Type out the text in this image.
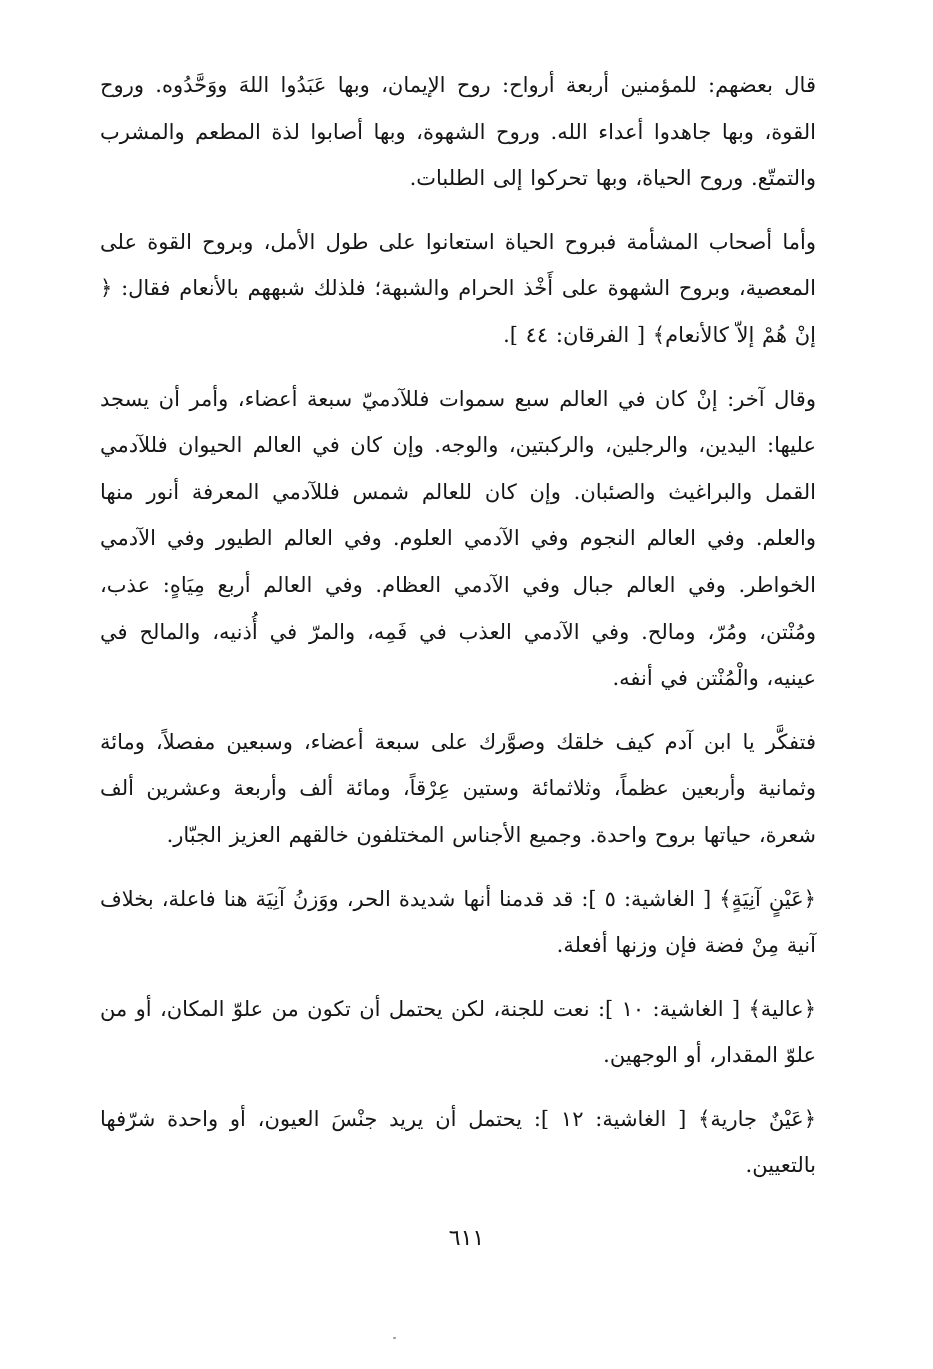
قال بعضهم: للمؤمنين أربعة أرواح: روح الإيمان، وبها عَبَدُوا اللهَ ووَحَّدُوه. وروح القوة، وبها جاهدوا أعداء الله. وروح الشهوة، وبها أصابوا لذة المطعم والمشرب والتمتّع. وروح الحياة، وبها تحركوا إلى الطلبات.

وأما أصحاب المشأمة فبروح الحياة استعانوا على طول الأمل، وبروح القوة على المعصية، وبروح الشهوة على أَخْذ الحرام والشبهة؛ فلذلك شبههم بالأنعام فقال: ﴿ إنْ هُمْ إلاّ كالأنعام﴾ [ الفرقان: ٤٤ ].

وقال آخر: إنْ كان في العالم سبع سموات فللآدميّ سبعة أعضاء، وأمر أن يسجد عليها: اليدين، والرجلين، والركبتين، والوجه. وإن كان في العالم الحيوان فللآدمي القمل والبراغيث والصئبان. وإن كان للعالم شمس فللآدمي المعرفة أنور منها والعلم. وفي العالم النجوم وفي الآدمي العلوم. وفي العالم الطيور وفي الآدمي الخواطر. وفي العالم جبال وفي الآدمي العظام. وفي العالم أربع مِيَاهٍ: عذب، ومُنْتن، ومُرّ، ومالح. وفي الآدمي العذب في فَمِه، والمرّ في أُذنيه، والمالح في عينيه، والْمُنْتن في أنفه.

فتفكَّر يا ابن آدم كيف خلقك وصوَّرك على سبعة أعضاء، وسبعين مفصلاً، ومائة وثمانية وأربعين عظماً، وثلاثمائة وستين عِرْقاً، ومائة ألف وأربعة وعشرين ألف شعرة، حياتها بروح واحدة. وجميع الأجناس المختلفون خالقهم العزيز الجبّار.

﴿عَيْنٍ آنِيَةٍ﴾ [ الغاشية: ٥ ]: قد قدمنا أنها شديدة الحر، ووَزنُ آنِيَة هنا فاعلة، بخلاف آنية مِنْ فضة فإن وزنها أفعلة.

﴿عالية﴾ [ الغاشية: ١٠ ]: نعت للجنة، لكن يحتمل أن تكون من علوّ المكان، أو من علوّ المقدار، أو الوجهين.

﴿عَيْنٌ جارية﴾ [ الغاشية: ١٢ ]: يحتمل أن يريد جنْسَ العيون، أو واحدة شرّفها بالتعيين.

٦١١
